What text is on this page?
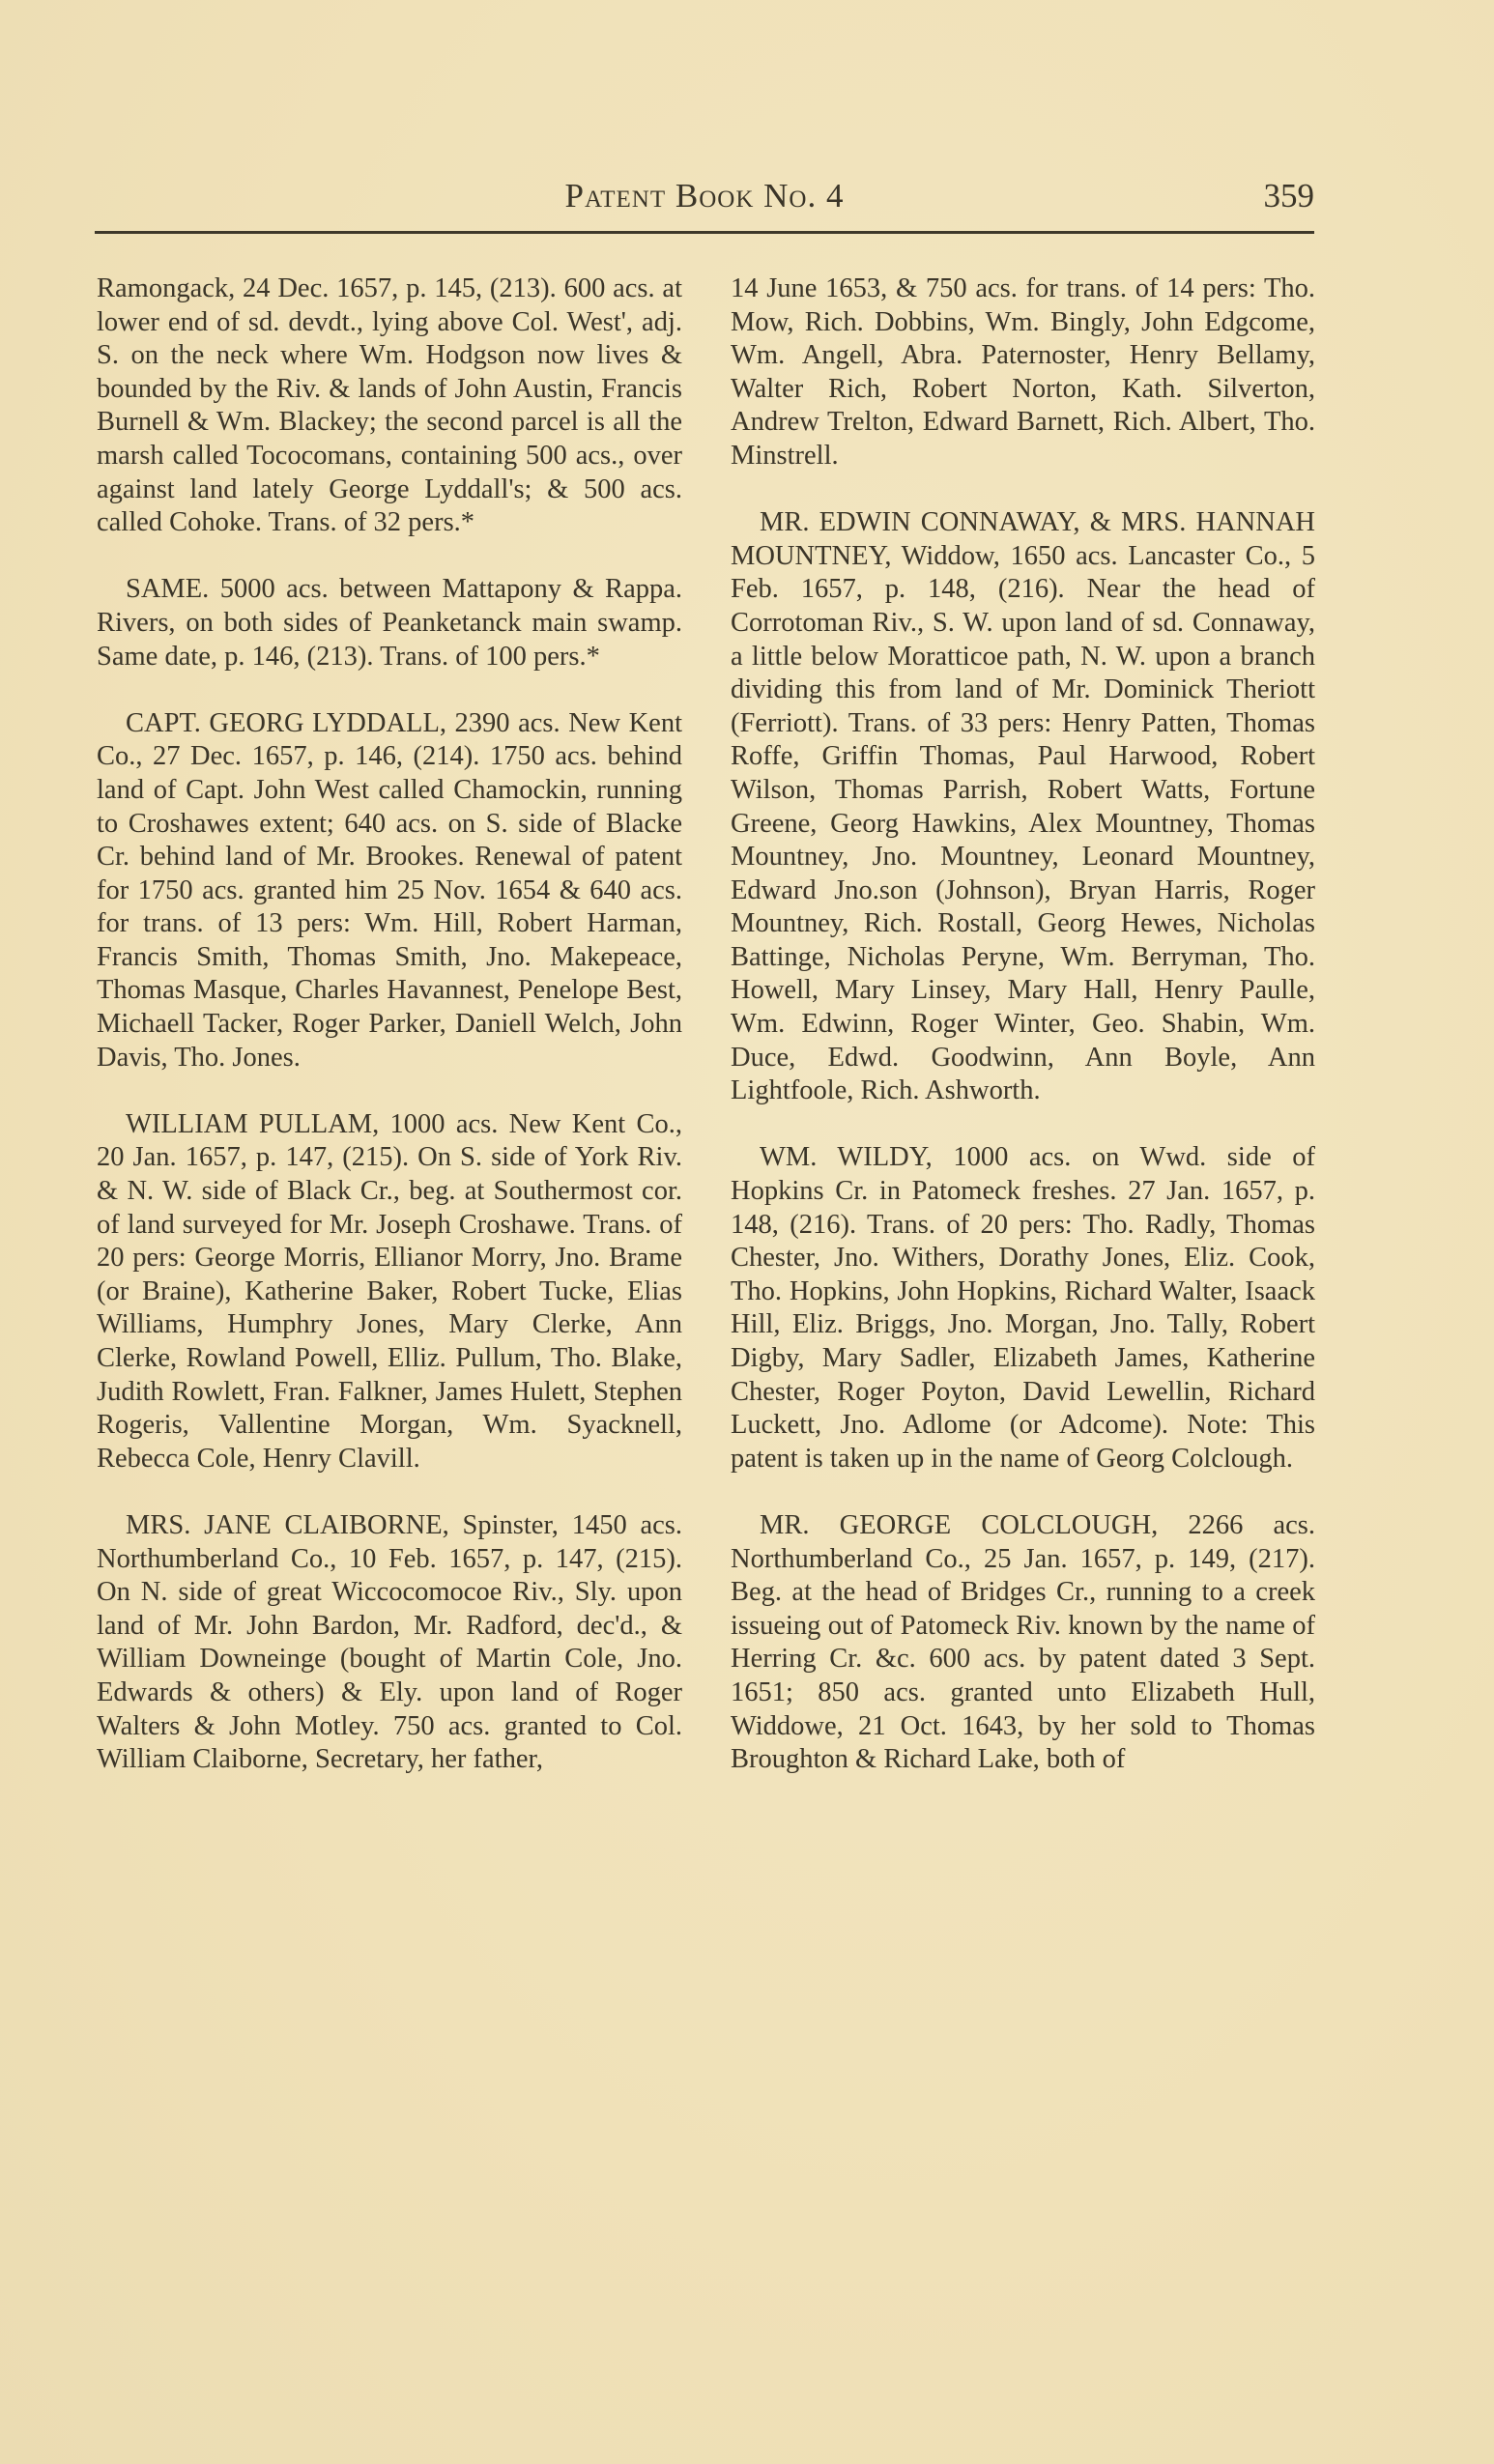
Patent Book No. 4	359

Ramongack, 24 Dec. 1657, p. 145, (213). 600 acs. at lower end of sd. devdt., lying above Col. West', adj. S. on the neck where Wm. Hodgson now lives & bounded by the Riv. & lands of John Austin, Francis Burnell & Wm. Blackey; the second parcel is all the marsh called Tococomans, containing 500 acs., over against land lately George Lyddall's; & 500 acs. called Cohoke. Trans. of 32 pers.*

SAME. 5000 acs. between Mattapony & Rappa. Rivers, on both sides of Peanketanck main swamp. Same date, p. 146, (213). Trans. of 100 pers.*

CAPT. GEORG LYDDALL, 2390 acs. New Kent Co., 27 Dec. 1657, p. 146, (214). 1750 acs. behind land of Capt. John West called Chamockin, running to Croshawes extent; 640 acs. on S. side of Blacke Cr. behind land of Mr. Brookes. Renewal of patent for 1750 acs. granted him 25 Nov. 1654 & 640 acs. for trans. of 13 pers: Wm. Hill, Robert Harman, Francis Smith, Thomas Smith, Jno. Makepeace, Thomas Masque, Charles Havannest, Penelope Best, Michaell Tacker, Roger Parker, Daniell Welch, John Davis, Tho. Jones.

WILLIAM PULLAM, 1000 acs. New Kent Co., 20 Jan. 1657, p. 147, (215). On S. side of York Riv. & N. W. side of Black Cr., beg. at Southermost cor. of land surveyed for Mr. Joseph Croshawe. Trans. of 20 pers: George Morris, Ellianor Morry, Jno. Brame (or Braine), Katherine Baker, Robert Tucke, Elias Williams, Humphry Jones, Mary Clerke, Ann Clerke, Rowland Powell, Elliz. Pullum, Tho. Blake, Judith Rowlett, Fran. Falkner, James Hulett, Stephen Rogeris, Vallentine Morgan, Wm. Syacknell, Rebecca Cole, Henry Clavill.

MRS. JANE CLAIBORNE, Spinster, 1450 acs. Northumberland Co., 10 Feb. 1657, p. 147, (215). On N. side of great Wiccocomocoe Riv., Sly. upon land of Mr. John Bardon, Mr. Radford, dec'd., & William Downeinge (bought of Martin Cole, Jno. Edwards & others) & Ely. upon land of Roger Walters & John Motley. 750 acs. granted to Col. William Claiborne, Secretary, her father,

14 June 1653, & 750 acs. for trans. of 14 pers: Tho. Mow, Rich. Dobbins, Wm. Bingly, John Edgcome, Wm. Angell, Abra. Paternoster, Henry Bellamy, Walter Rich, Robert Norton, Kath. Silverton, Andrew Trelton, Edward Barnett, Rich. Albert, Tho. Minstrell.

MR. EDWIN CONNAWAY, & MRS. HANNAH MOUNTNEY, Widdow, 1650 acs. Lancaster Co., 5 Feb. 1657, p. 148, (216). Near the head of Corrotoman Riv., S. W. upon land of sd. Connaway, a little below Moratticoe path, N. W. upon a branch dividing this from land of Mr. Dominick Theriott (Ferriott). Trans. of 33 pers: Henry Patten, Thomas Roffe, Griffin Thomas, Paul Harwood, Robert Wilson, Thomas Parrish, Robert Watts, Fortune Greene, Georg Hawkins, Alex Mountney, Thomas Mountney, Jno. Mountney, Leonard Mountney, Edward Jno.son (Johnson), Bryan Harris, Roger Mountney, Rich. Rostall, Georg Hewes, Nicholas Battinge, Nicholas Peryne, Wm. Berryman, Tho. Howell, Mary Linsey, Mary Hall, Henry Paulle, Wm. Edwinn, Roger Winter, Geo. Shabin, Wm. Duce, Edwd. Goodwinn, Ann Boyle, Ann Lightfoole, Rich. Ashworth.

WM. WILDY, 1000 acs. on Wwd. side of Hopkins Cr. in Patomeck freshes. 27 Jan. 1657, p. 148, (216). Trans. of 20 pers: Tho. Radly, Thomas Chester, Jno. Withers, Dorathy Jones, Eliz. Cook, Tho. Hopkins, John Hopkins, Richard Walter, Isaack Hill, Eliz. Briggs, Jno. Morgan, Jno. Tally, Robert Digby, Mary Sadler, Elizabeth James, Katherine Chester, Roger Poyton, David Lewellin, Richard Luckett, Jno. Adlome (or Adcome). Note: This patent is taken up in the name of Georg Colclough.

MR. GEORGE COLCLOUGH, 2266 acs. Northumberland Co., 25 Jan. 1657, p. 149, (217). Beg. at the head of Bridges Cr., running to a creek issueing out of Patomeck Riv. known by the name of Herring Cr. &c. 600 acs. by patent dated 3 Sept. 1651; 850 acs. granted unto Elizabeth Hull, Widdowe, 21 Oct. 1643, by her sold to Thomas Broughton & Richard Lake, both of
